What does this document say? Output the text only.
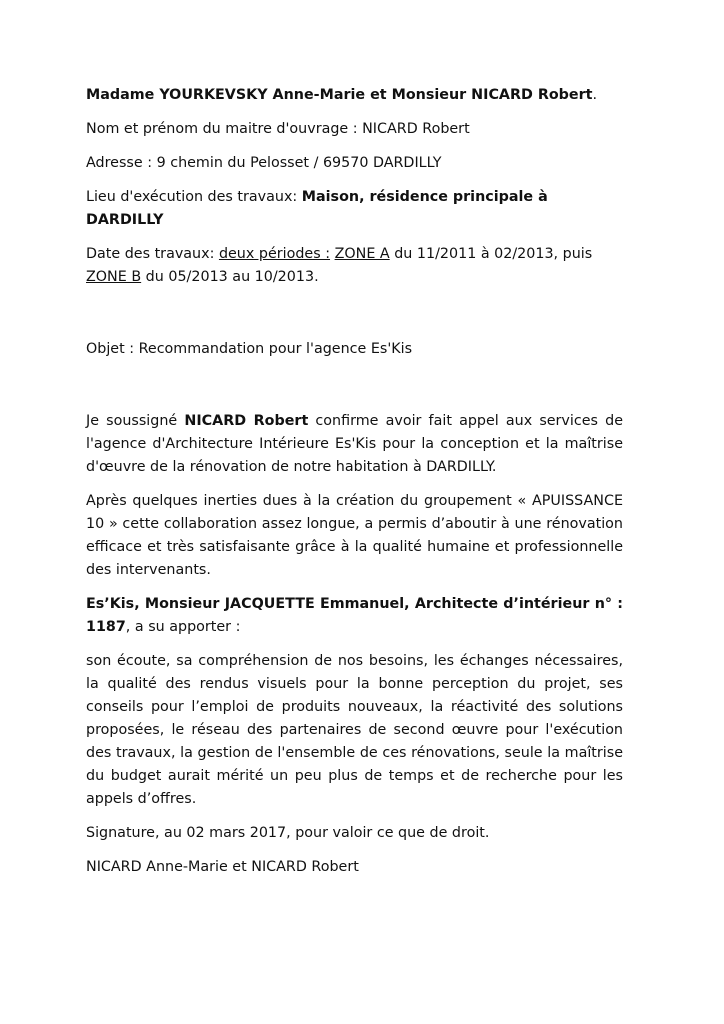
Madame YOURKEVSKY Anne-Marie et Monsieur NICARD Robert.

Nom et prénom du maitre d'ouvrage : NICARD Robert

Adresse : 9 chemin du Pelosset / 69570 DARDILLY

Lieu d'exécution des travaux: Maison, résidence principale à DARDILLY

Date des travaux: deux périodes : ZONE A du 11/2011 à 02/2013, puis ZONE B du 05/2013 au 10/2013.

Objet : Recommandation pour l'agence Es'Kis

Je soussigné NICARD Robert confirme avoir fait appel aux services de l'agence d'Architecture Intérieure Es'Kis pour la conception et la maîtrise d'œuvre de la rénovation de notre habitation à DARDILLY.

Après quelques inerties dues à la création du groupement « APUISSANCE 10 » cette collaboration assez longue, a permis d’aboutir à une rénovation efficace et très satisfaisante grâce à la qualité humaine et professionnelle des intervenants.

Es’Kis, Monsieur JACQUETTE Emmanuel, Architecte d’intérieur n° : 1187, a su apporter :

son écoute, sa compréhension de nos besoins, les échanges nécessaires, la qualité des rendus visuels pour la bonne perception du projet, ses conseils pour l’emploi de produits nouveaux, la réactivité des solutions proposées, le réseau des partenaires de second œuvre pour l'exécution des travaux, la gestion de l'ensemble de ces rénovations, seule la maîtrise du budget aurait mérité un peu plus de temps et de recherche pour les appels d’offres.

Signature, au 02 mars 2017, pour valoir ce que de droit.

NICARD Anne-Marie et NICARD Robert
